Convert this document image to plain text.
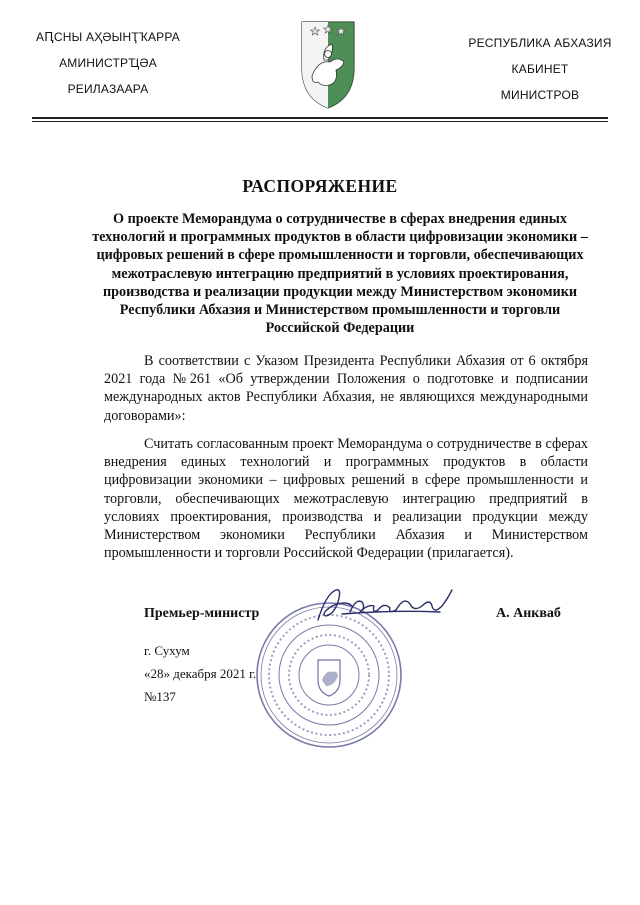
АԤСНЫ АҲӘЫНҬҠАРРА
АМИНИСТРҴӘА
РЕИЛАЗААРА
РЕСПУБЛИКА АБХАЗИЯ
КАБИНЕТ
МИНИСТРОВ
РАСПОРЯЖЕНИЕ
О проекте Меморандума о сотрудничестве в сферах внедрения единых технологий и программных продуктов в области цифровизации экономики – цифровых решений в сфере промышленности и торговли, обеспечивающих межотраслевую интеграцию предприятий в условиях проектирования, производства и реализации продукции между Министерством экономики Республики Абхазия и Министерством промышленности и торговли Российской Федерации
В соответствии с Указом Президента Республики Абхазия от 6 октября 2021 года №261 «Об утверждении Положения о подготовке и подписании международных актов Республики Абхазия, не являющихся международными договорами»:
Считать согласованным проект Меморандума о сотрудничестве в сферах внедрения единых технологий и программных продуктов в области цифровизации экономики – цифровых решений в сфере промышленности и торговли, обеспечивающих межотраслевую интеграцию предприятий в условиях проектирования, производства и реализации продукции между Министерством экономики Республики Абхазия и Министерством промышленности и торговли Российской Федерации (прилагается).
Премьер-министр	А. Анкваб
г. Сухум
«28» декабря 2021 г.
№137
